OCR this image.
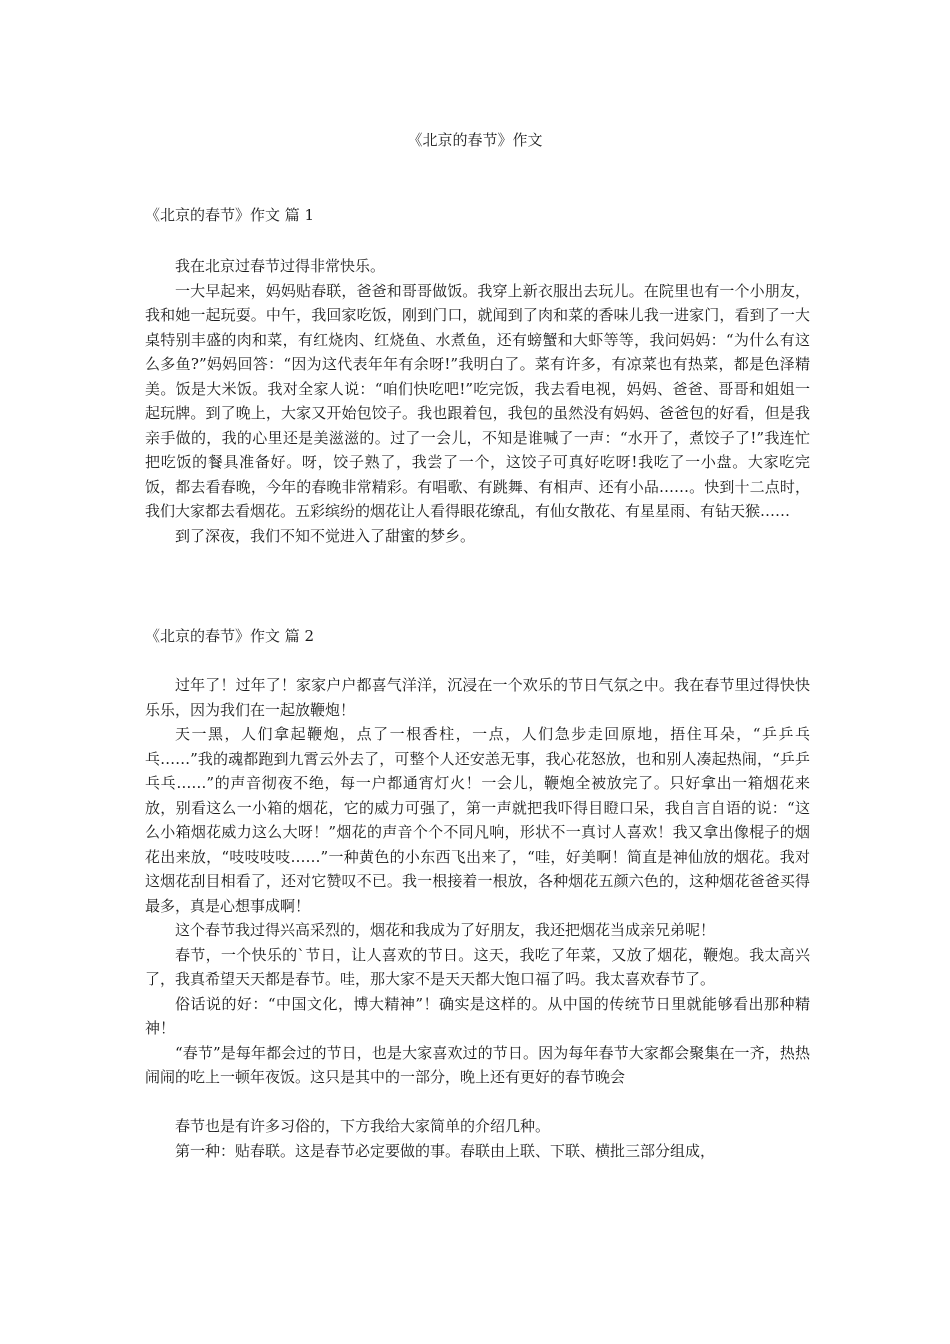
《北京的春节》作文
《北京的春节》作文 篇 1

我在北京过春节过得非常快乐。

一大早起来，妈妈贴春联，爸爸和哥哥做饭。我穿上新衣服出去玩儿。在院里也有一个小朋友，我和她一起玩耍。中午，我回家吃饭，刚到门口，就闻到了肉和菜的香味儿我一进家门，看到了一大桌特别丰盛的肉和菜，有红烧肉、红烧鱼、水煮鱼，还有螃蟹和大虾等等，我问妈妈：“为什么有这么多鱼?”妈妈回答：“因为这代表年年有余呀!”我明白了。菜有许多，有凉菜也有热菜，都是色泽精美。饭是大米饭。我对全家人说：“咱们快吃吧!”吃完饭，我去看电视，妈妈、爸爸、哥哥和姐姐一起玩牌。到了晚上，大家又开始包饺子。我也跟着包，我包的虽然没有妈妈、爸爸包的好看，但是我亲手做的，我的心里还是美滋滋的。过了一会儿，不知是谁喊了一声：“水开了，煮饺子了!”我连忙把吃饭的餐具准备好。呀，饺子熟了，我尝了一个，这饺子可真好吃呀!我吃了一小盘。大家吃完饭，都去看春晚，今年的春晚非常精彩。有唱歌、有跳舞、有相声、还有小品……。快到十二点时，我们大家都去看烟花。五彩缤纷的烟花让人看得眼花缭乱，有仙女散花、有星星雨、有钻天猴……

到了深夜，我们不知不觉进入了甜蜜的梦乡。

《北京的春节》作文 篇 2

过年了！过年了！家家户户都喜气洋洋，沉浸在一个欢乐的节日气氛之中。我在春节里过得快快乐乐，因为我们在一起放鞭炮！

天一黑，人们拿起鞭炮，点了一根香柱，一点，人们急步走回原地，捂住耳朵，“乒乒乓乓……”我的魂都跑到九霄云外去了，可整个人还安恙无事，我心花怒放，也和别人凑起热闹，“乒乒乓乓……”的声音彻夜不绝，每一户都通宵灯火！一会儿，鞭炮全被放完了。只好拿出一箱烟花来放，别看这么一小箱的烟花，它的威力可强了，第一声就把我吓得目瞪口呆，我自言自语的说：“这么小箱烟花威力这么大呀！”烟花的声音个个不同凡响，形状不一真讨人喜欢！我又拿出像棍子的烟花出来放，“吱吱吱吱……”一种黄色的小东西飞出来了，“哇，好美啊！简直是神仙放的烟花。我对这烟花刮目相看了，还对它赞叹不已。我一根接着一根放，各种烟花五颜六色的，这种烟花爸爸买得最多，真是心想事成啊！

这个春节我过得兴高采烈的，烟花和我成为了好朋友，我还把烟花当成亲兄弟呢！

春节，一个快乐的`节日，让人喜欢的节日。这天，我吃了年菜，又放了烟花，鞭炮。我太高兴了，我真希望天天都是春节。哇，那大家不是天天都大饱口福了吗。我太喜欢春节了。

俗话说的好：“中国文化，博大精神”！确实是这样的。从中国的传统节日里就能够看出那种精神！

“春节”是每年都会过的节日，也是大家喜欢过的节日。因为每年春节大家都会聚集在一齐，热热闹闹的吃上一顿年夜饭。这只是其中的一部分，晚上还有更好的春节晚会

春节也是有许多习俗的，下方我给大家简单的介绍几种。

第一种：贴春联。这是春节必定要做的事。春联由上联、下联、横批三部分组成，
